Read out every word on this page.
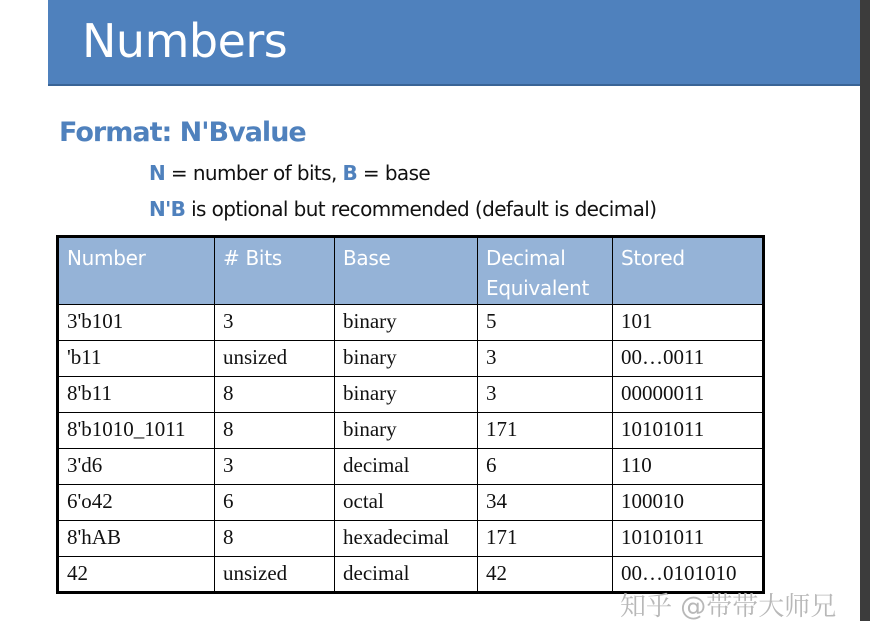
Numbers
Format: N'Bvalue
N = number of bits, B = base
N'B is optional but recommended (default is decimal)
Number	# Bits	Base	Decimal Equivalent	Stored
3'b101	3	binary	5	101
'b11	unsized	binary	3	00…0011
8'b11	8	binary	3	00000011
8'b1010_1011	8	binary	171	10101011
3'd6	3	decimal	6	110
6'o42	6	octal	34	100010
8'hAB	8	hexadecimal	171	10101011
42	unsized	decimal	42	00…0101010
知乎 @带带大师兄
